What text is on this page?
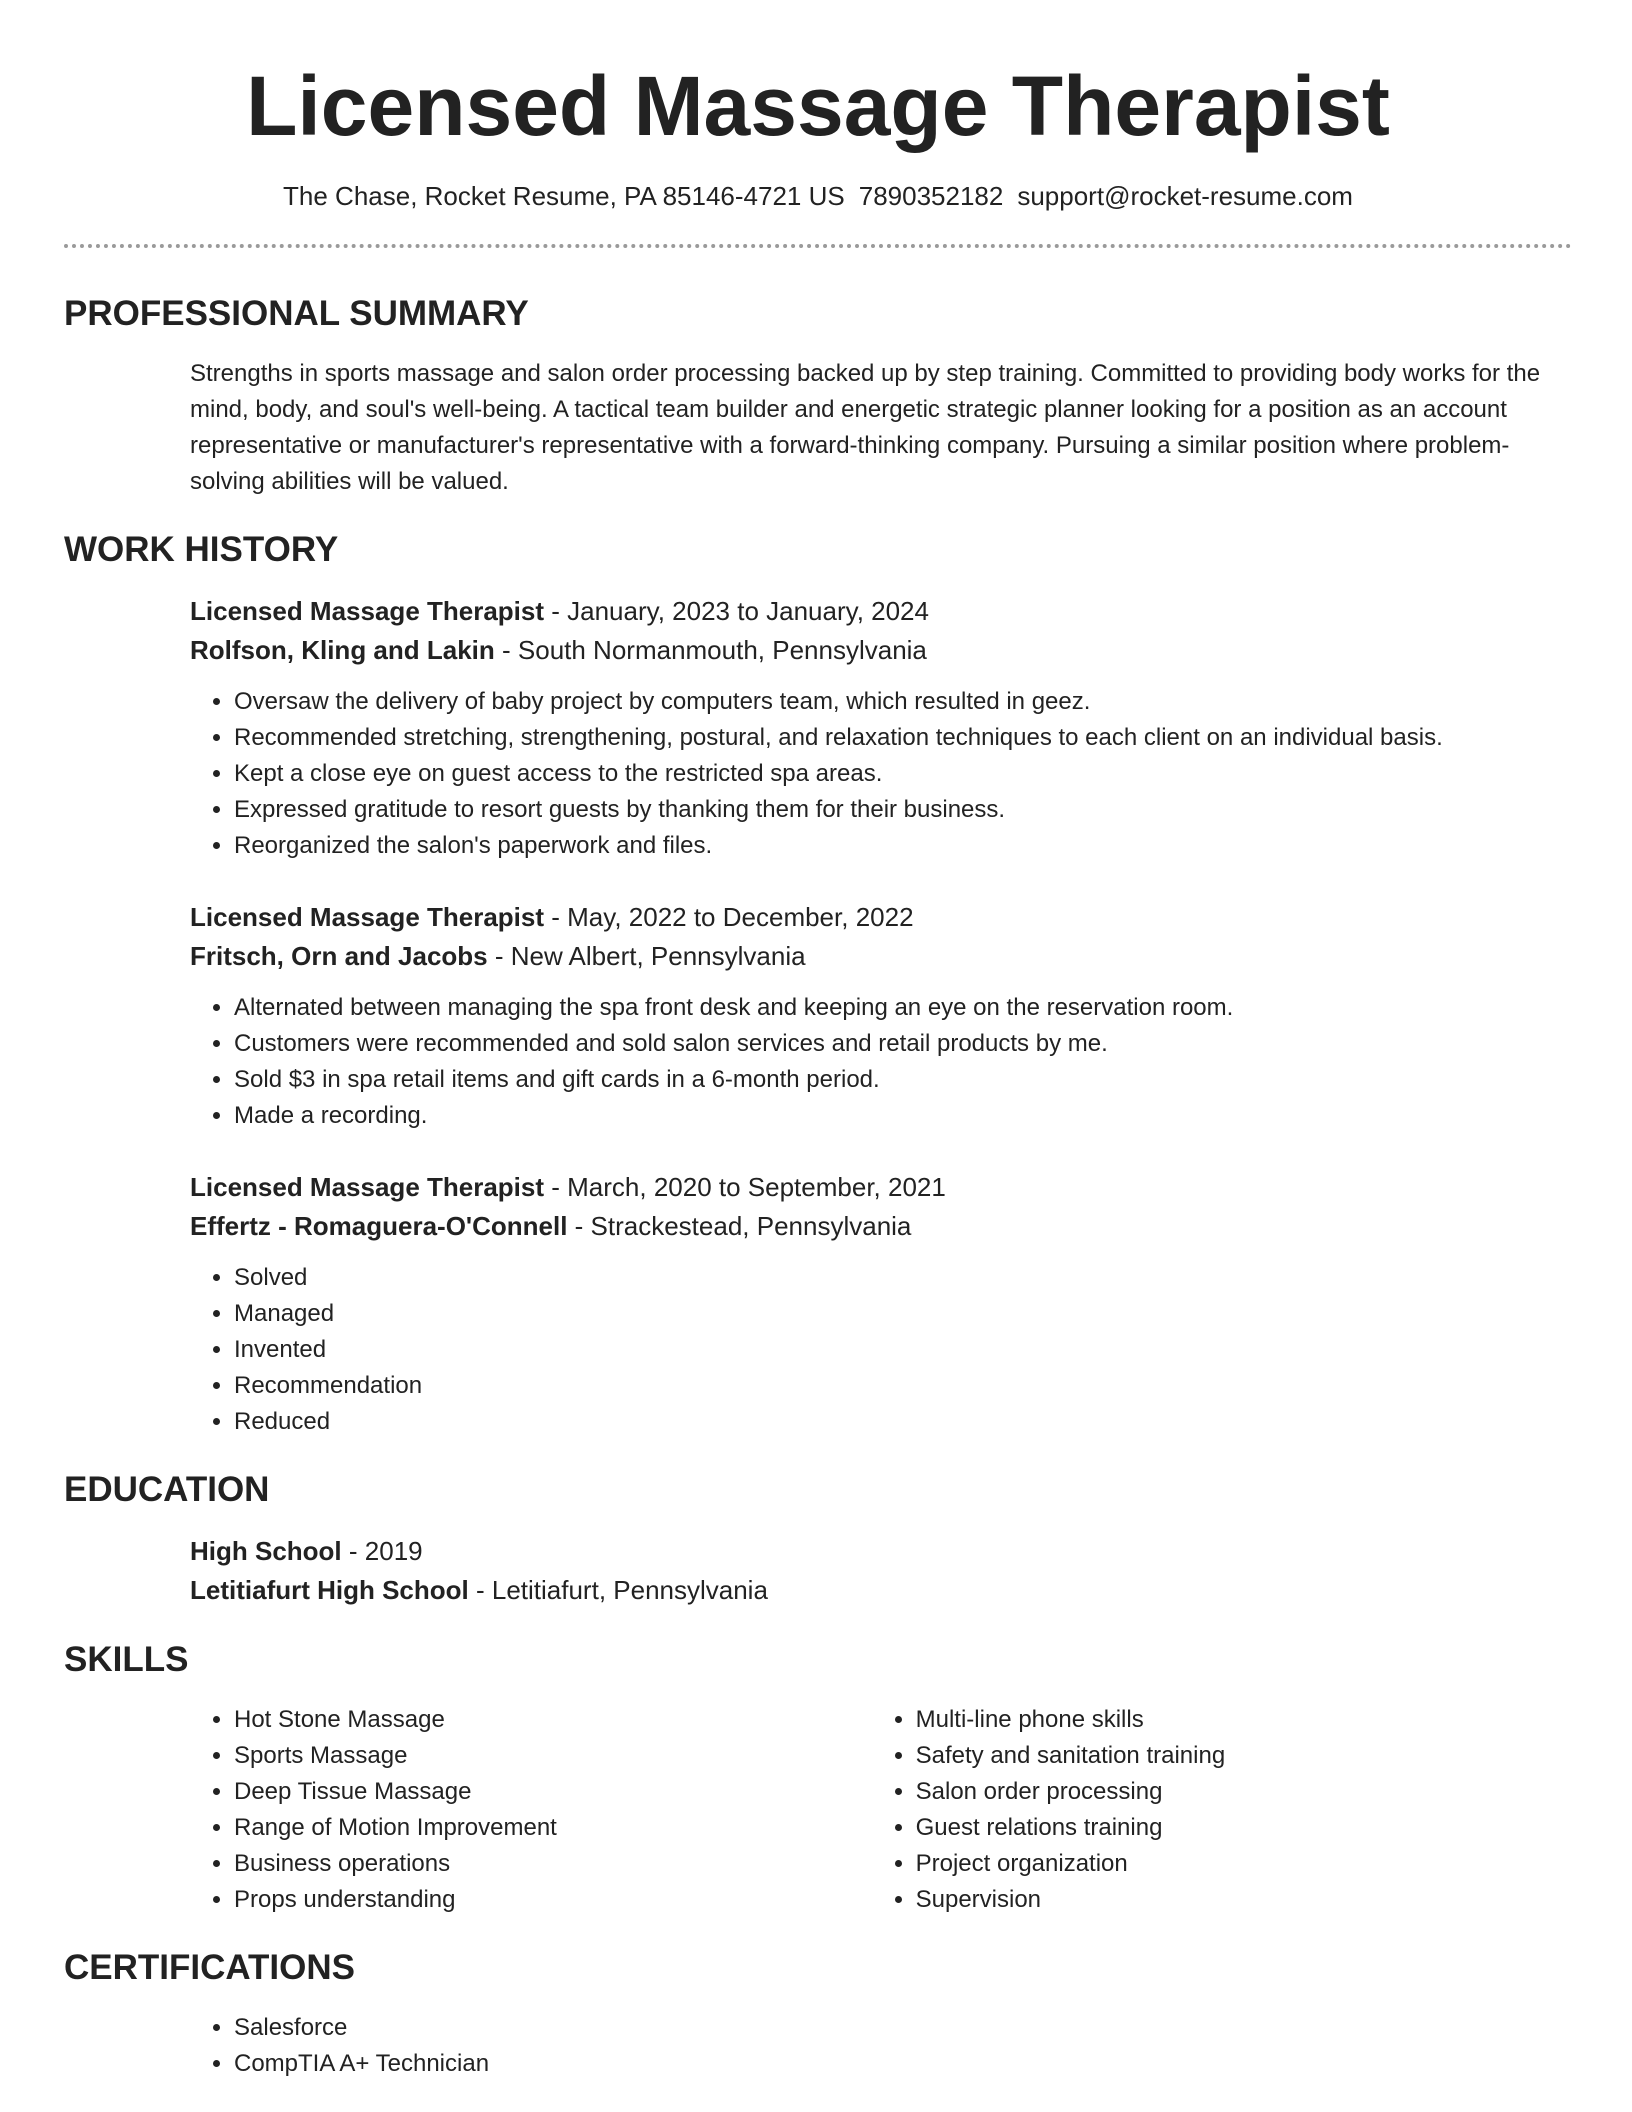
Licensed Massage Therapist
The Chase, Rocket Resume, PA 85146-4721 US 7890352182 support@rocket-resume.com
PROFESSIONAL SUMMARY

Strengths in sports massage and salon order processing backed up by step training. Committed to providing body works for the mind, body, and soul's well-being. A tactical team builder and energetic strategic planner looking for a position as an account representative or manufacturer's representative with a forward-thinking company. Pursuing a similar position where problem-solving abilities will be valued.

WORK HISTORY
Licensed Massage Therapist - January, 2023 to January, 2024
Rolfson, Kling and Lakin - South Normanmouth, Pennsylvania
• Oversaw the delivery of baby project by computers team, which resulted in geez.
• Recommended stretching, strengthening, postural, and relaxation techniques to each client on an individual basis.
• Kept a close eye on guest access to the restricted spa areas.
• Expressed gratitude to resort guests by thanking them for their business.
• Reorganized the salon's paperwork and files.
Licensed Massage Therapist - May, 2022 to December, 2022
Fritsch, Orn and Jacobs - New Albert, Pennsylvania
• Alternated between managing the spa front desk and keeping an eye on the reservation room.
• Customers were recommended and sold salon services and retail products by me.
• Sold $3 in spa retail items and gift cards in a 6-month period.
• Made a recording.
Licensed Massage Therapist - March, 2020 to September, 2021
Effertz - Romaguera-O'Connell - Strackestead, Pennsylvania
• Solved
• Managed
• Invented
• Recommendation
• Reduced
EDUCATION
High School - 2019
Letitiafurt High School - Letitiafurt, Pennsylvania
SKILLS
• Hot Stone Massage
• Sports Massage
• Deep Tissue Massage
• Range of Motion Improvement
• Business operations
• Props understanding
• Multi-line phone skills
• Safety and sanitation training
• Salon order processing
• Guest relations training
• Project organization
• Supervision
CERTIFICATIONS
• Salesforce
• CompTIA A+ Technician
